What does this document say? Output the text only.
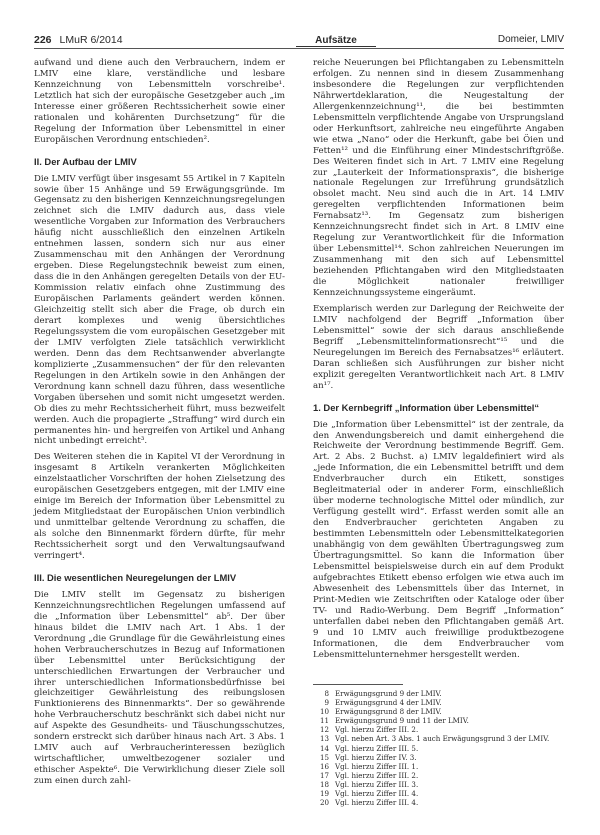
226 LMuR 6/2014	Aufsätze	Domeier, LMIV

aufwand und diene auch den Verbrauchern, indem er LMIV eine klare, verständliche und lesbare Kennzeichnung von Lebensmitteln vorschreibe¹. Letztlich hat sich der europäische Gesetzgeber auch „im Interesse einer größeren Rechtssicherheit sowie einer rationalen und kohärenten Durchsetzung“ für die Regelung der Information über Lebensmittel in einer Europäischen Verordnung entschieden².

II. Der Aufbau der LMIV

Die LMIV verfügt über insgesamt 55 Artikel in 7 Kapiteln sowie über 15 Anhänge und 59 Erwägungsgründe. Im Gegensatz zu den bisherigen Kennzeichnungsregelungen zeichnet sich die LMIV dadurch aus, dass viele wesentliche Vorgaben zur Information des Verbrauchers häufig nicht ausschließlich den einzelnen Artikeln entnehmen lassen, sondern sich nur aus einer Zusammenschau mit den Anhängen der Verordnung ergeben. Diese Regelungstechnik beweist zum einen, dass die in den Anhängen geregelten Details von der EU-Kommission relativ einfach ohne Zustimmung des Europäischen Parlaments geändert werden können. Gleichzeitig stellt sich aber die Frage, ob durch ein derart komplexes und wenig übersichtliches Regelungssystem die vom europäischen Gesetzgeber mit der LMIV verfolgten Ziele tatsächlich verwirklicht werden. Denn das dem Rechtsanwender abverlangte komplizierte „Zusammensuchen“ der für den relevanten Regelungen in den Artikeln sowie in den Anhängen der Verordnung kann schnell dazu führen, dass wesentliche Vorgaben übersehen und somit nicht umgesetzt werden. Ob dies zu mehr Rechtssicherheit führt, muss bezweifelt werden. Auch die propagierte „Straffung“ wird durch ein permanentes hin- und hergreifen von Artikel und Anhang nicht unbedingt erreicht³.

Des Weiteren stehen die in Kapitel VI der Verordnung in insgesamt 8 Artikeln verankerten Möglichkeiten einzelstaatlicher Vorschriften der hohen Zielsetzung des europäischen Gesetzgebers entgegen, mit der LMIV eine einige im Bereich der Information über Lebensmittel zu jedem Mitgliedstaat der Europäischen Union verbindlich und unmittelbar geltende Verordnung zu schaffen, die als solche den Binnenmarkt fördern dürfte, für mehr Rechtssicherheit sorgt und den Verwaltungsaufwand verringert⁴.

III. Die wesentlichen Neuregelungen der LMIV

Die LMIV stellt im Gegensatz zu bisherigen Kennzeichnungsrechtlichen Regelungen umfassend auf die „Information über Lebensmittel“ ab⁵. Der über hinaus bildet die LMIV nach Art. 1 Abs. 1 der Verordnung „die Grundlage für die Gewährleistung eines hohen Verbraucherschutzes in Bezug auf Informationen über Lebensmittel unter Berücksichtigung der unterschiedlichen Erwartungen der Verbraucher und ihrer unterschiedlichen Informationsbedürfnisse bei gleichzeitiger Gewährleistung des reibungslosen Funktionierens des Binnenmarkts“. Der so gewährende hohe Verbraucherschutz beschränkt sich dabei nicht nur auf Aspekte des Gesundheits- und Täuschungsschutzes, sondern erstreckt sich darüber hinaus nach Art. 3 Abs. 1 LMIV auch auf Verbraucherinteressen bezüglich wirtschaftlicher, umweltbezogener sozialer und ethischer Aspekte⁶. Die Verwirklichung dieser Ziele soll zum einen durch zahl-

reiche Neuerungen bei Pflichtangaben zu Lebensmitteln erfolgen. Zu nennen sind in diesem Zusammenhang insbesondere die Regelungen zur verpflichtenden Nährwertdeklaration, die Neugestaltung der Allergenkennzeichnung¹¹, die bei bestimmten Lebensmitteln verpflichtende Angabe von Ursprungsland oder Herkunftsort, zahlreiche neu eingeführte Angaben wie etwa „Nano“ oder die Herkunft, gabe bei Öien und Fetten¹² und die Einführung einer Mindestschriftgröße. Des Weiteren findet sich in Art. 7 LMIV eine Regelung zur „Lauterkeit der Informationspraxis“, die bisherige nationale Regelungen zur Irreführung grundsätzlich obsolet macht. Neu sind auch die in Art. 14 LMIV geregelten verpflichtenden Informationen beim Fernabsatz¹³. Im Gegensatz zum bisherigen Kennzeichnungsrecht findet sich in Art. 8 LMIV eine Regelung zur Verantwortlichkeit für die Information über Lebensmittel¹⁴. Schon zahlreichen Neuerungen im Zusammenhang mit den sich auf Lebensmittel beziehenden Pflichtangaben wird den Mitgliedstaaten die Möglichkeit nationaler freiwilliger Kennzeichnungssysteme eingeräumt.

Exemplarisch werden zur Darlegung der Reichweite der LMIV nachfolgend der Begriff „Information über Lebensmittel“ sowie der sich daraus anschließende Begriff „Lebensmittelinformationsrecht“¹⁵ und die Neuregelungen im Bereich des Fernabsatzes¹⁶ erläutert. Daran schließen sich Ausführungen zur bisher nicht explizit geregelten Verantwortlichkeit nach Art. 8 LMIV an¹⁷.

1. Der Kernbegriff „Information über Lebensmittel“

Die „Information über Lebensmittel“ ist der zentrale, da den Anwendungsbereich und damit einhergehend die Reichweite der Verordnung bestimmende Begriff. Gem. Art. 2 Abs. 2 Buchst. a) LMIV legaldefiniert wird als „jede Information, die ein Lebensmittel betrifft und dem Endverbraucher durch ein Etikett, sonstiges Begleitmaterial oder in anderer Form, einschließlich über moderne technologische Mittel oder mündlich, zur Verfügung gestellt wird“. Erfasst werden somit alle an den Endverbraucher gerichteten Angaben zu bestimmten Lebensmitteln oder Lebensmittelkategorien unabhängig von dem gewählten Übertragungsweg zum Übertragungsmittel. So kann die Information über Lebensmittel beispielsweise durch ein auf dem Produkt aufgebrachtes Etikett ebenso erfolgen wie etwa auch im Abwesenheit des Lebensmittels über das Internet, in Print-Medien wie Zeitschriften oder Kataloge oder über TV- und Radio-Werbung. Dem Begriff „Information“ unterfallen dabei neben den Pflichtangaben gemäß Art. 9 und 10 LMIV auch freiwillige produktbezogene Informationen, die dem Endverbraucher vom Lebensmittelunternehmer hersgestellt werden.

8 Erwägungsgrund 9 der LMIV.
9 Erwägungsgrund 4 der LMIV.
10 Erwägungsgrund 8 der LMIV.
11 Erwägungsgrund 9 und 11 der LMIV.
12 Vgl. hierzu Ziffer III. 2.
13 Vgl. neben Art. 3 Abs. 1 auch Erwägungsgrund 3 der LMIV.
14 Vgl. hierzu Ziffer III. 5.
15 Vgl. hierzu Ziffer IV. 3.
16 Vgl. hierzu Ziffer III. 1.
17 Vgl. hierzu Ziffer III. 2.
18 Vgl. hierzu Ziffer III. 3.
19 Vgl. hierzu Ziffer III. 4.
20 Vgl. hierzu Ziffer III. 4.
